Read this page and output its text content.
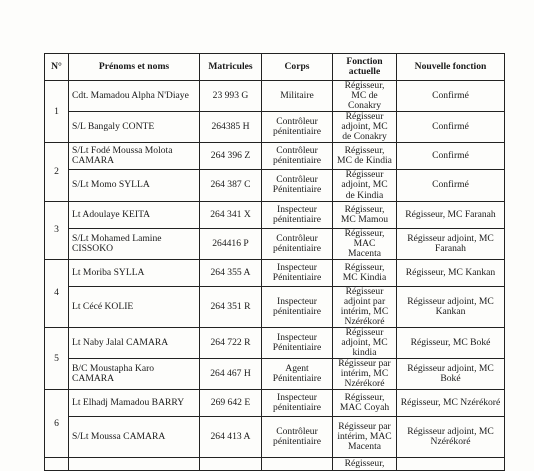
N°	Prénoms et noms	Matricules	Corps	Fonction actuelle	Nouvelle fonction
1	Cdt. Mamadou Alpha N'Diaye	23 993 G	Militaire	Régisseur, MC de Conakry	Confirmé
	S/L Bangaly CONTE	264385 H	Contrôleur pénitentiaire	Régisseur adjoint, MC de Conakry	Confirmé
2	S/Lt Fodé Moussa Molota CAMARA	264 396 Z	Contrôleur pénitentiaire	Régisseur, MC de Kindia	Confirmé
	S/Lt Momo SYLLA	264 387 C	Contrôleur Pénitentiaire	Régisseur adjoint, MC de Kindia	Confirmé
3	Lt Adoulaye KEITA	264 341 X	Inspecteur pénitentiaire	Régisseur, MC Mamou	Régisseur, MC Faranah
	S/Lt Mohamed Lamine CISSOKO	264416 P	Contrôleur pénitentiaire	Régisseur, MAC Macenta	Régisseur adjoint, MC Faranah
4	Lt Moriba SYLLA	264 355 A	Inspecteur Pénitentiaire	Régisseur, MC Kindia	Régisseur, MC Kankan
	Lt Cécé KOLIE	264 351 R	Inspecteur pénitentiaire	Régisseur adjoint par intérim, MC Nzérékoré	Régisseur adjoint, MC Kankan
5	Lt Naby Jalal CAMARA	264 722 R	Inspecteur Pénitentiaire	Régisseur adjoint, MC kindia	Régisseur, MC Boké
	B/C Moustapha Karo CAMARA	264 467 H	Agent Pénitentiaire	Régisseur par intérim, MC Nzérékoré	Régisseur adjoint, MC Boké
6	Lt Elhadj Mamadou BARRY	269 642 E	Inspecteur pénitentiaire	Régisseur, MAC Coyah	Régisseur, MC Nzérékoré
	S/Lt Moussa CAMARA	264 413 A	Contrôleur pénitentiaire	Régisseur par intérim, MAC Macenta	Régisseur adjoint, MC Nzérékoré
				Régisseur,	
